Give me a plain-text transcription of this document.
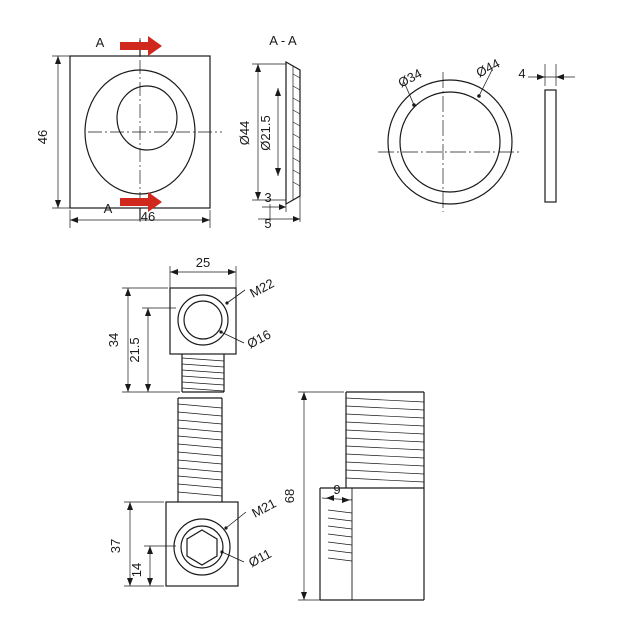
A
A
46
46
A - A
Ø44 Ø21.5
3
5
Ø34	Ø44 4
M22
Ø16
34 21.5
25
M21
Ø11
37
14
68	9
